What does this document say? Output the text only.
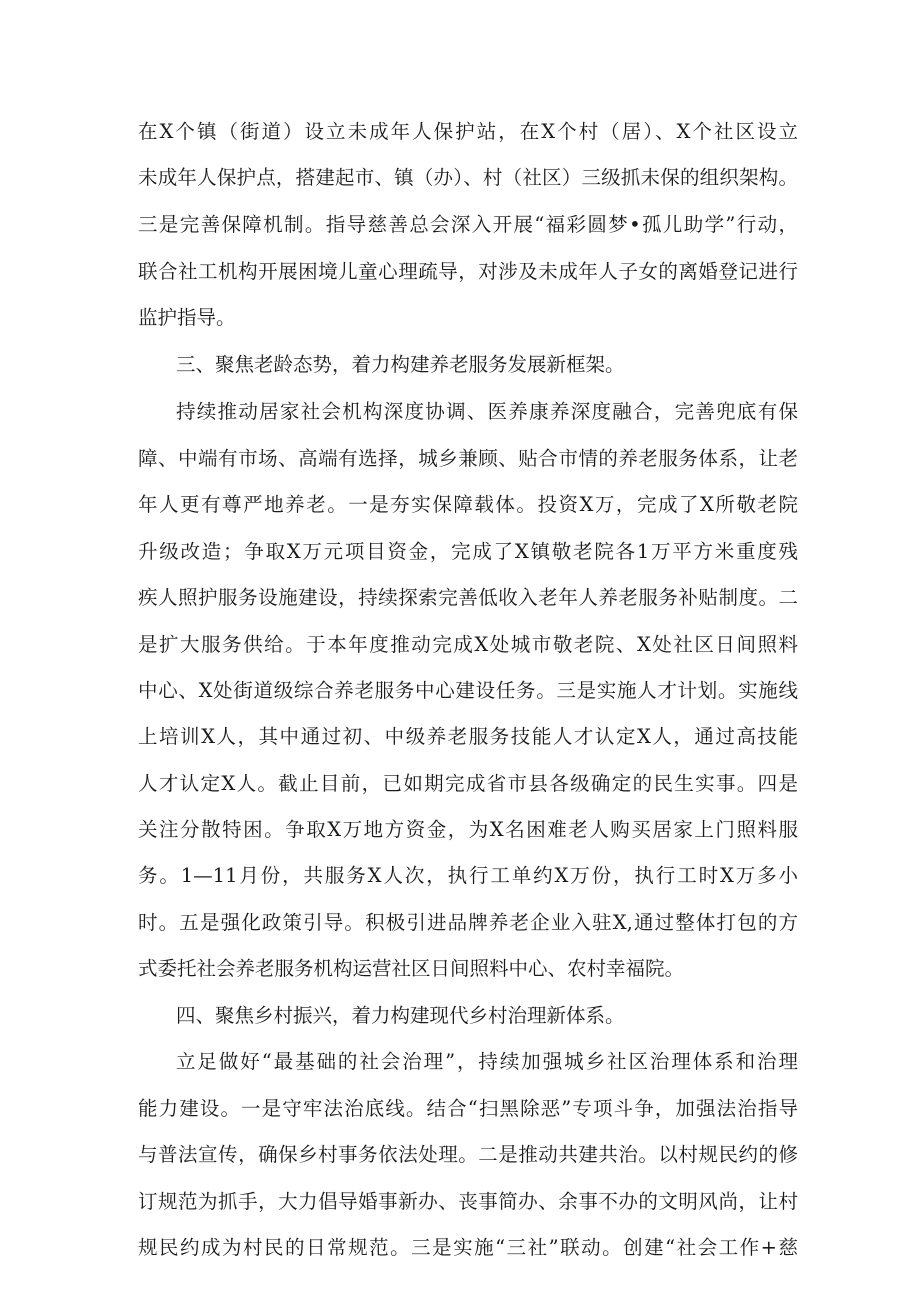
在X个镇（街道）设立未成年人保护站，在X个村（居）、X个社区设立
未成年人保护点，搭建起市、镇（办）、村（社区）三级抓未保的组织架构。
三是完善保障机制。指导慈善总会深入开展“福彩圆梦•孤儿助学”行动，
联合社工机构开展困境儿童心理疏导，对涉及未成年人子女的离婚登记进行
监护指导。
三、聚焦老龄态势，着力构建养老服务发展新框架。
持续推动居家社会机构深度协调、医养康养深度融合，完善兜底有保
障、中端有市场、高端有选择，城乡兼顾、贴合市情的养老服务体系，让老
年人更有尊严地养老。一是夯实保障载体。投资X万，完成了X所敬老院
升级改造；争取X万元项目资金，完成了X镇敬老院各1万平方米重度残
疾人照护服务设施建设，持续探索完善低收入老年人养老服务补贴制度。二
是扩大服务供给。于本年度推动完成X处城市敬老院、X处社区日间照料
中心、X处街道级综合养老服务中心建设任务。三是实施人才计划。实施线
上培训X人，其中通过初、中级养老服务技能人才认定X人，通过高技能
人才认定X人。截止目前，已如期完成省市县各级确定的民生实事。四是
关注分散特困。争取X万地方资金，为X名困难老人购买居家上门照料服
务。1—11月份，共服务X人次，执行工单约X万份，执行工时X万多小
时。五是强化政策引导。积极引进品牌养老企业入驻X,通过整体打包的方
式委托社会养老服务机构运营社区日间照料中心、农村幸福院。
四、聚焦乡村振兴，着力构建现代乡村治理新体系。
立足做好“最基础的社会治理”，持续加强城乡社区治理体系和治理
能力建设。一是守牢法治底线。结合“扫黑除恶”专项斗争，加强法治指导
与普法宣传，确保乡村事务依法处理。二是推动共建共治。以村规民约的修
订规范为抓手，大力倡导婚事新办、丧事简办、余事不办的文明风尚，让村
规民约成为村民的日常规范。三是实施“三社”联动。创建“社会工作+慈
